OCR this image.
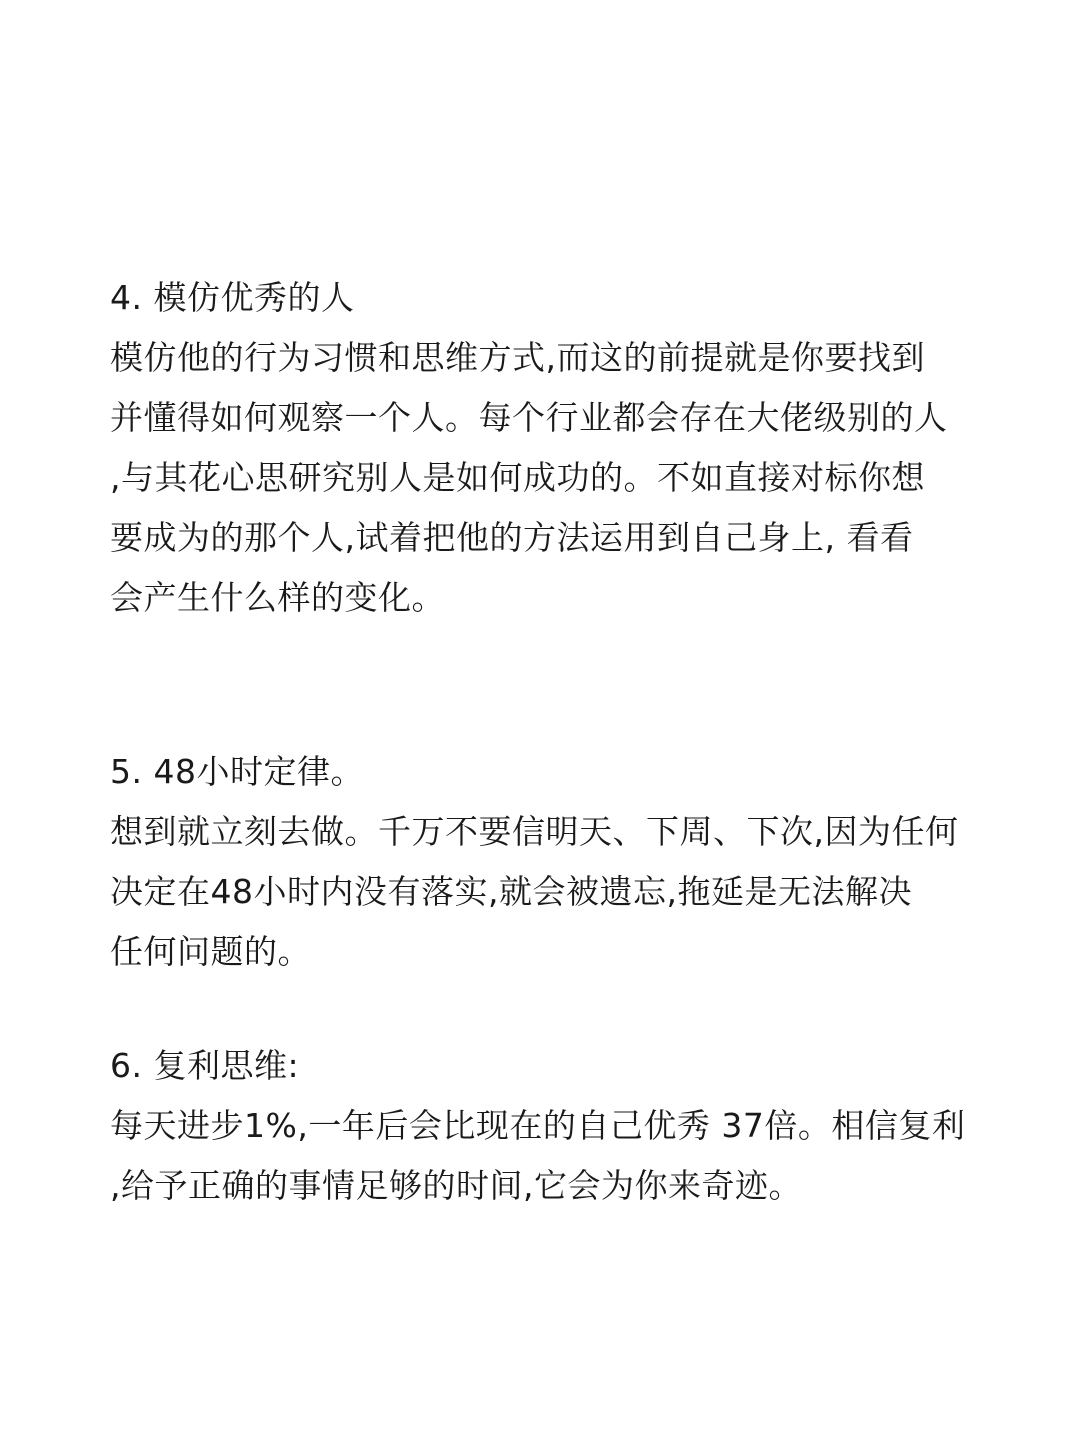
4. 模仿优秀的人
模仿他的行为习惯和思维方式,而这的前提就是你要找到
并懂得如何观察一个人。每个行业都会存在大佬级别的人
,与其花心思研究别人是如何成功的。不如直接对标你想
要成为的那个人,试着把他的方法运用到自己身上, 看看
会产生什么样的变化。
5. 48小时定律。
想到就立刻去做。千万不要信明天、下周、下次,因为任何
决定在48小时内没有落实,就会被遗忘,拖延是无法解决
任何问题的。
6. 复利思维:
每天进步1%,一年后会比现在的自己优秀 37倍。相信复利
,给予正确的事情足够的时间,它会为你来奇迹。
